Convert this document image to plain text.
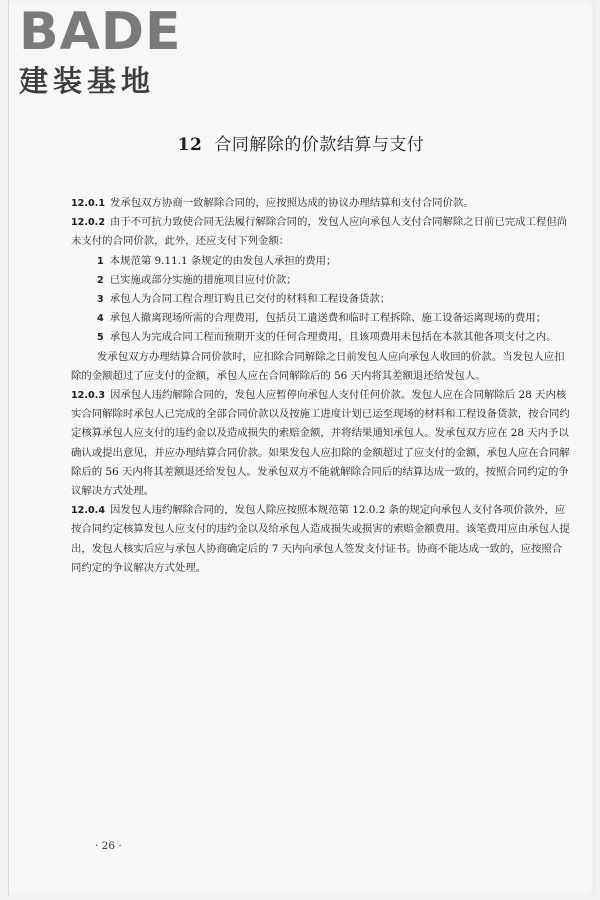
BADE
建装基地
12 合同解除的价款结算与支付

12.0.1 发承包双方协商一致解除合同的，应按照达成的协议办理结算和支付合同价款。

12.0.2 由于不可抗力致使合同无法履行解除合同的，发包人应向承包人支付合同解除之日前已完成工程但尚未支付的合同价款，此外，还应支付下列金额：

1 本规范第 9.11.1 条规定的由发包人承担的费用；

2 已实施或部分实施的措施项目应付价款；

3 承包人为合同工程合理订购且已交付的材料和工程设备货款；

4 承包人撤离现场所需的合理费用，包括员工遣送费和临时工程拆除、施工设备运离现场的费用；

5 承包人为完成合同工程而预期开支的任何合理费用，且该项费用未包括在本款其他各项支付之内。

发承包双方办理结算合同价款时，应扣除合同解除之日前发包人应向承包人收回的价款。当发包人应扣除的金额超过了应支付的金额，承包人应在合同解除后的 56 天内将其差额退还给发包人。

12.0.3 因承包人违约解除合同的，发包人应暂停向承包人支付任何价款。发包人应在合同解除后 28 天内核实合同解除时承包人已完成的全部合同价款以及按施工进度计划已运至现场的材料和工程设备货款，按合同约定核算承包人应支付的违约金以及造成损失的索赔金额，并将结果通知承包人。发承包双方应在 28 天内予以确认或提出意见，并应办理结算合同价款。如果发包人应扣除的金额超过了应支付的金额，承包人应在合同解除后的 56 天内将其差额退还给发包人。发承包双方不能就解除合同后的结算达成一致的，按照合同约定的争议解决方式处理。

12.0.4 因发包人违约解除合同的，发包人除应按照本规范第 12.0.2 条的规定向承包人支付各项价款外，应按合同约定核算发包人应支付的违约金以及给承包人造成损失或损害的索赔金额费用。该笔费用应由承包人提出，发包人核实后应与承包人协商确定后的 7 天内向承包人签发支付证书。协商不能达成一致的，应按照合同约定的争议解决方式处理。

· 26 ·
